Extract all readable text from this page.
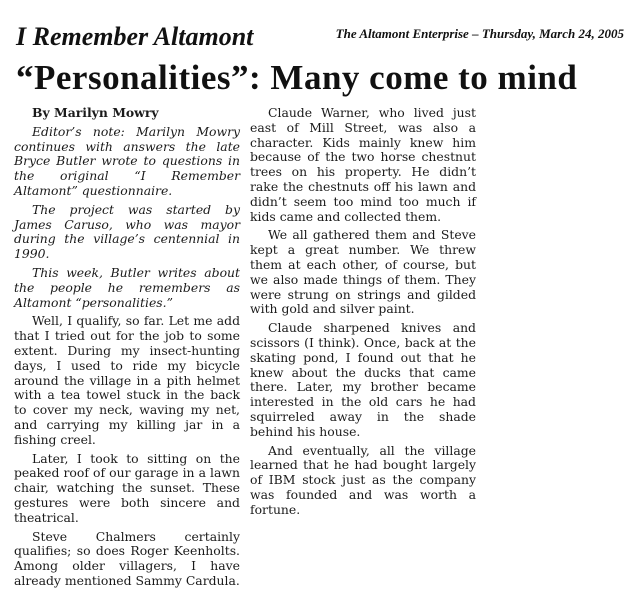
I Remember Altamont	The Altamont Enterprise – Thursday, March 24, 2005
“Personalities”: Many come to mind

By Marilyn Mowry

Editor’s note: Marilyn Mowry continues with answers the late Bryce Butler wrote to questions in the original “I Remember Altamont” questionnaire.

The project was started by James Caruso, who was mayor during the village’s centennial in 1990.

This week, Butler writes about the people he remembers as Altamont “personalities.”

Well, I qualify, so far. Let me add that I tried out for the job to some extent. During my insect-hunting days, I used to ride my bicycle around the village in a pith helmet with a tea towel stuck in the back to cover my neck, waving my net, and carrying my killing jar in a fishing creel.

Later, I took to sitting on the peaked roof of our garage in a lawn chair, watching the sunset. These gestures were both sincere and theatrical.

Steve Chalmers certainly qualifies; so does Roger Keenholts. Among older villagers, I have already mentioned Sammy Cardula.

Claude Warner, who lived just east of Mill Street, was also a character. Kids mainly knew him because of the two horse chestnut trees on his property. He didn’t rake the chestnuts off his lawn and didn’t seem too mind too much if kids came and collected them.

We all gathered them and Steve kept a great number. We threw them at each other, of course, but we also made things of them. They were strung on strings and gilded with gold and silver paint.

Claude sharpened knives and scissors (I think). Once, back at the skating pond, I found out that he knew about the ducks that came there. Later, my brother became interested in the old cars he had squirreled away in the shade behind his house.

And eventually, all the village learned that he had bought largely of IBM stock just as the company was founded and was worth a fortune.
